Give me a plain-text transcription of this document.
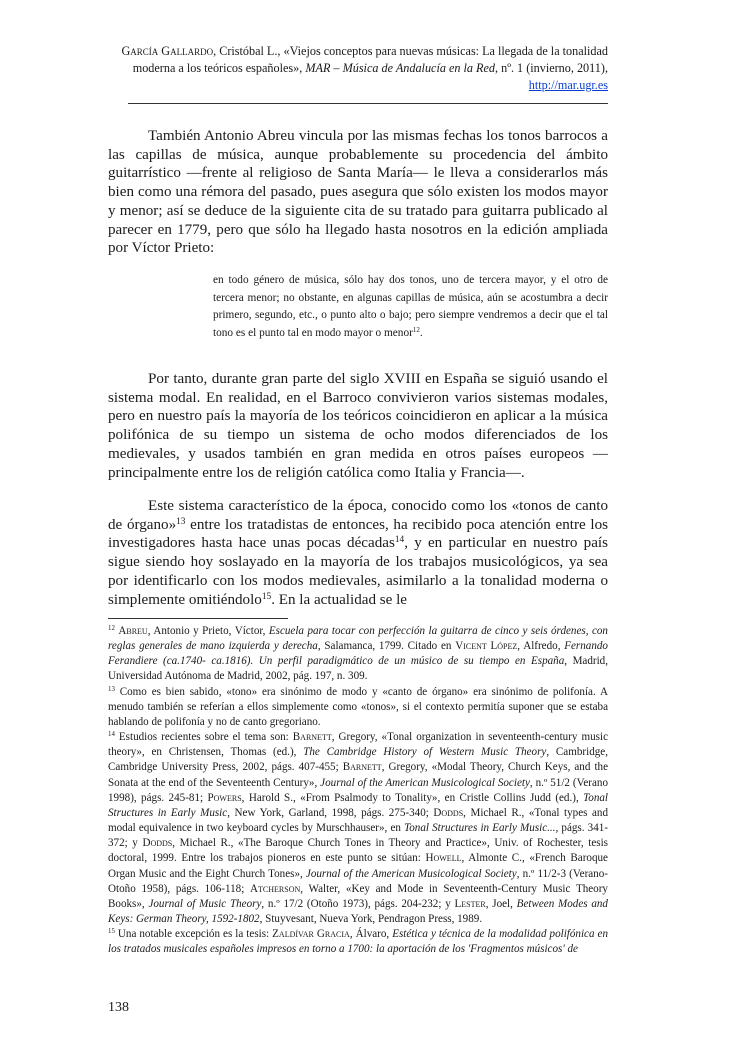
García Gallardo, Cristóbal L., «Viejos conceptos para nuevas músicas: La llegada de la tonalidad moderna a los teóricos españoles», MAR – Música de Andalucía en la Red, nº. 1 (invierno, 2011), http://mar.ugr.es

También Antonio Abreu vincula por las mismas fechas los tonos barrocos a las capillas de música, aunque probablemente su procedencia del ámbito guitarrístico —frente al religioso de Santa María— le lleva a considerarlos más bien como una rémora del pasado, pues asegura que sólo existen los modos mayor y menor; así se deduce de la siguiente cita de su tratado para guitarra publicado al parecer en 1779, pero que sólo ha llegado hasta nosotros en la edición ampliada por Víctor Prieto:

en todo género de música, sólo hay dos tonos, uno de tercera mayor, y el otro de tercera menor; no obstante, en algunas capillas de música, aún se acostumbra a decir primero, segundo, etc., o punto alto o bajo; pero siempre vendremos a decir que el tal tono es el punto tal en modo mayor o menor$^{12}$.

Por tanto, durante gran parte del siglo XVIII en España se siguió usando el sistema modal. En realidad, en el Barroco convivieron varios sistemas modales, pero en nuestro país la mayoría de los teóricos coincidieron en aplicar a la música polifónica de su tiempo un sistema de ocho modos diferenciados de los medievales, y usados también en gran medida en otros países europeos —principalmente entre los de religión católica como Italia y Francia—.

Este sistema característico de la época, conocido como los «tonos de canto de órgano»$^{13}$ entre los tratadistas de entonces, ha recibido poca atención entre los investigadores hasta hace unas pocas décadas$^{14}$, y en particular en nuestro país sigue siendo hoy soslayado en la mayoría de los trabajos musicológicos, ya sea por identificarlo con los modos medievales, asimilarlo a la tonalidad moderna o simplemente omitiéndolo$^{15}$. En la actualidad se le

$^{12}$ Abreu, Antonio y Prieto, Víctor, Escuela para tocar con perfección la guitarra de cinco y seis órdenes, con reglas generales de mano izquierda y derecha, Salamanca, 1799. Citado en Vicent López, Alfredo, Fernando Ferandiere (ca.1740- ca.1816). Un perfil paradigmático de un músico de su tiempo en España, Madrid, Universidad Autónoma de Madrid, 2002, pág. 197, n. 309.

$^{13}$ Como es bien sabido, «tono» era sinónimo de modo y «canto de órgano» era sinónimo de polifonía. A menudo también se referían a ellos simplemente como «tonos», si el contexto permitía suponer que se estaba hablando de polifonía y no de canto gregoriano.

$^{14}$ Estudios recientes sobre el tema son: Barnett, Gregory, «Tonal organization in seventeenth-century music theory», en Christensen, Thomas (ed.), The Cambridge History of Western Music Theory, Cambridge, Cambridge University Press, 2002, págs. 407-455; Barnett, Gregory, «Modal Theory, Church Keys, and the Sonata at the end of the Seventeenth Century», Journal of the American Musicological Society, n.º 51/2 (Verano 1998), págs. 245-81; Powers, Harold S., «From Psalmody to Tonality», en Cristle Collins Judd (ed.), Tonal Structures in Early Music, New York, Garland, 1998, págs. 275-340; Dodds, Michael R., «Tonal types and modal equivalence in two keyboard cycles by Murschhauser», en Tonal Structures in Early Music..., págs. 341-372; y Dodds, Michael R., «The Baroque Church Tones in Theory and Practice», Univ. of Rochester, tesis doctoral, 1999. Entre los trabajos pioneros en este punto se sitúan: Howell, Almonte C., «French Baroque Organ Music and the Eight Church Tones», Journal of the American Musicological Society, n.º 11/2-3 (Verano-Otoño 1958), págs. 106-118; Atcherson, Walter, «Key and Mode in Seventeenth-Century Music Theory Books», Journal of Music Theory, n.º 17/2 (Otoño 1973), págs. 204-232; y Lester, Joel, Between Modes and Keys: German Theory, 1592-1802, Stuyvesant, Nueva York, Pendragon Press, 1989.

$^{15}$ Una notable excepción es la tesis: Zaldívar Gracia, Álvaro, Estética y técnica de la modalidad polifónica en los tratados musicales españoles impresos en torno a 1700: la aportación de los 'Fragmentos músicos' de

138
